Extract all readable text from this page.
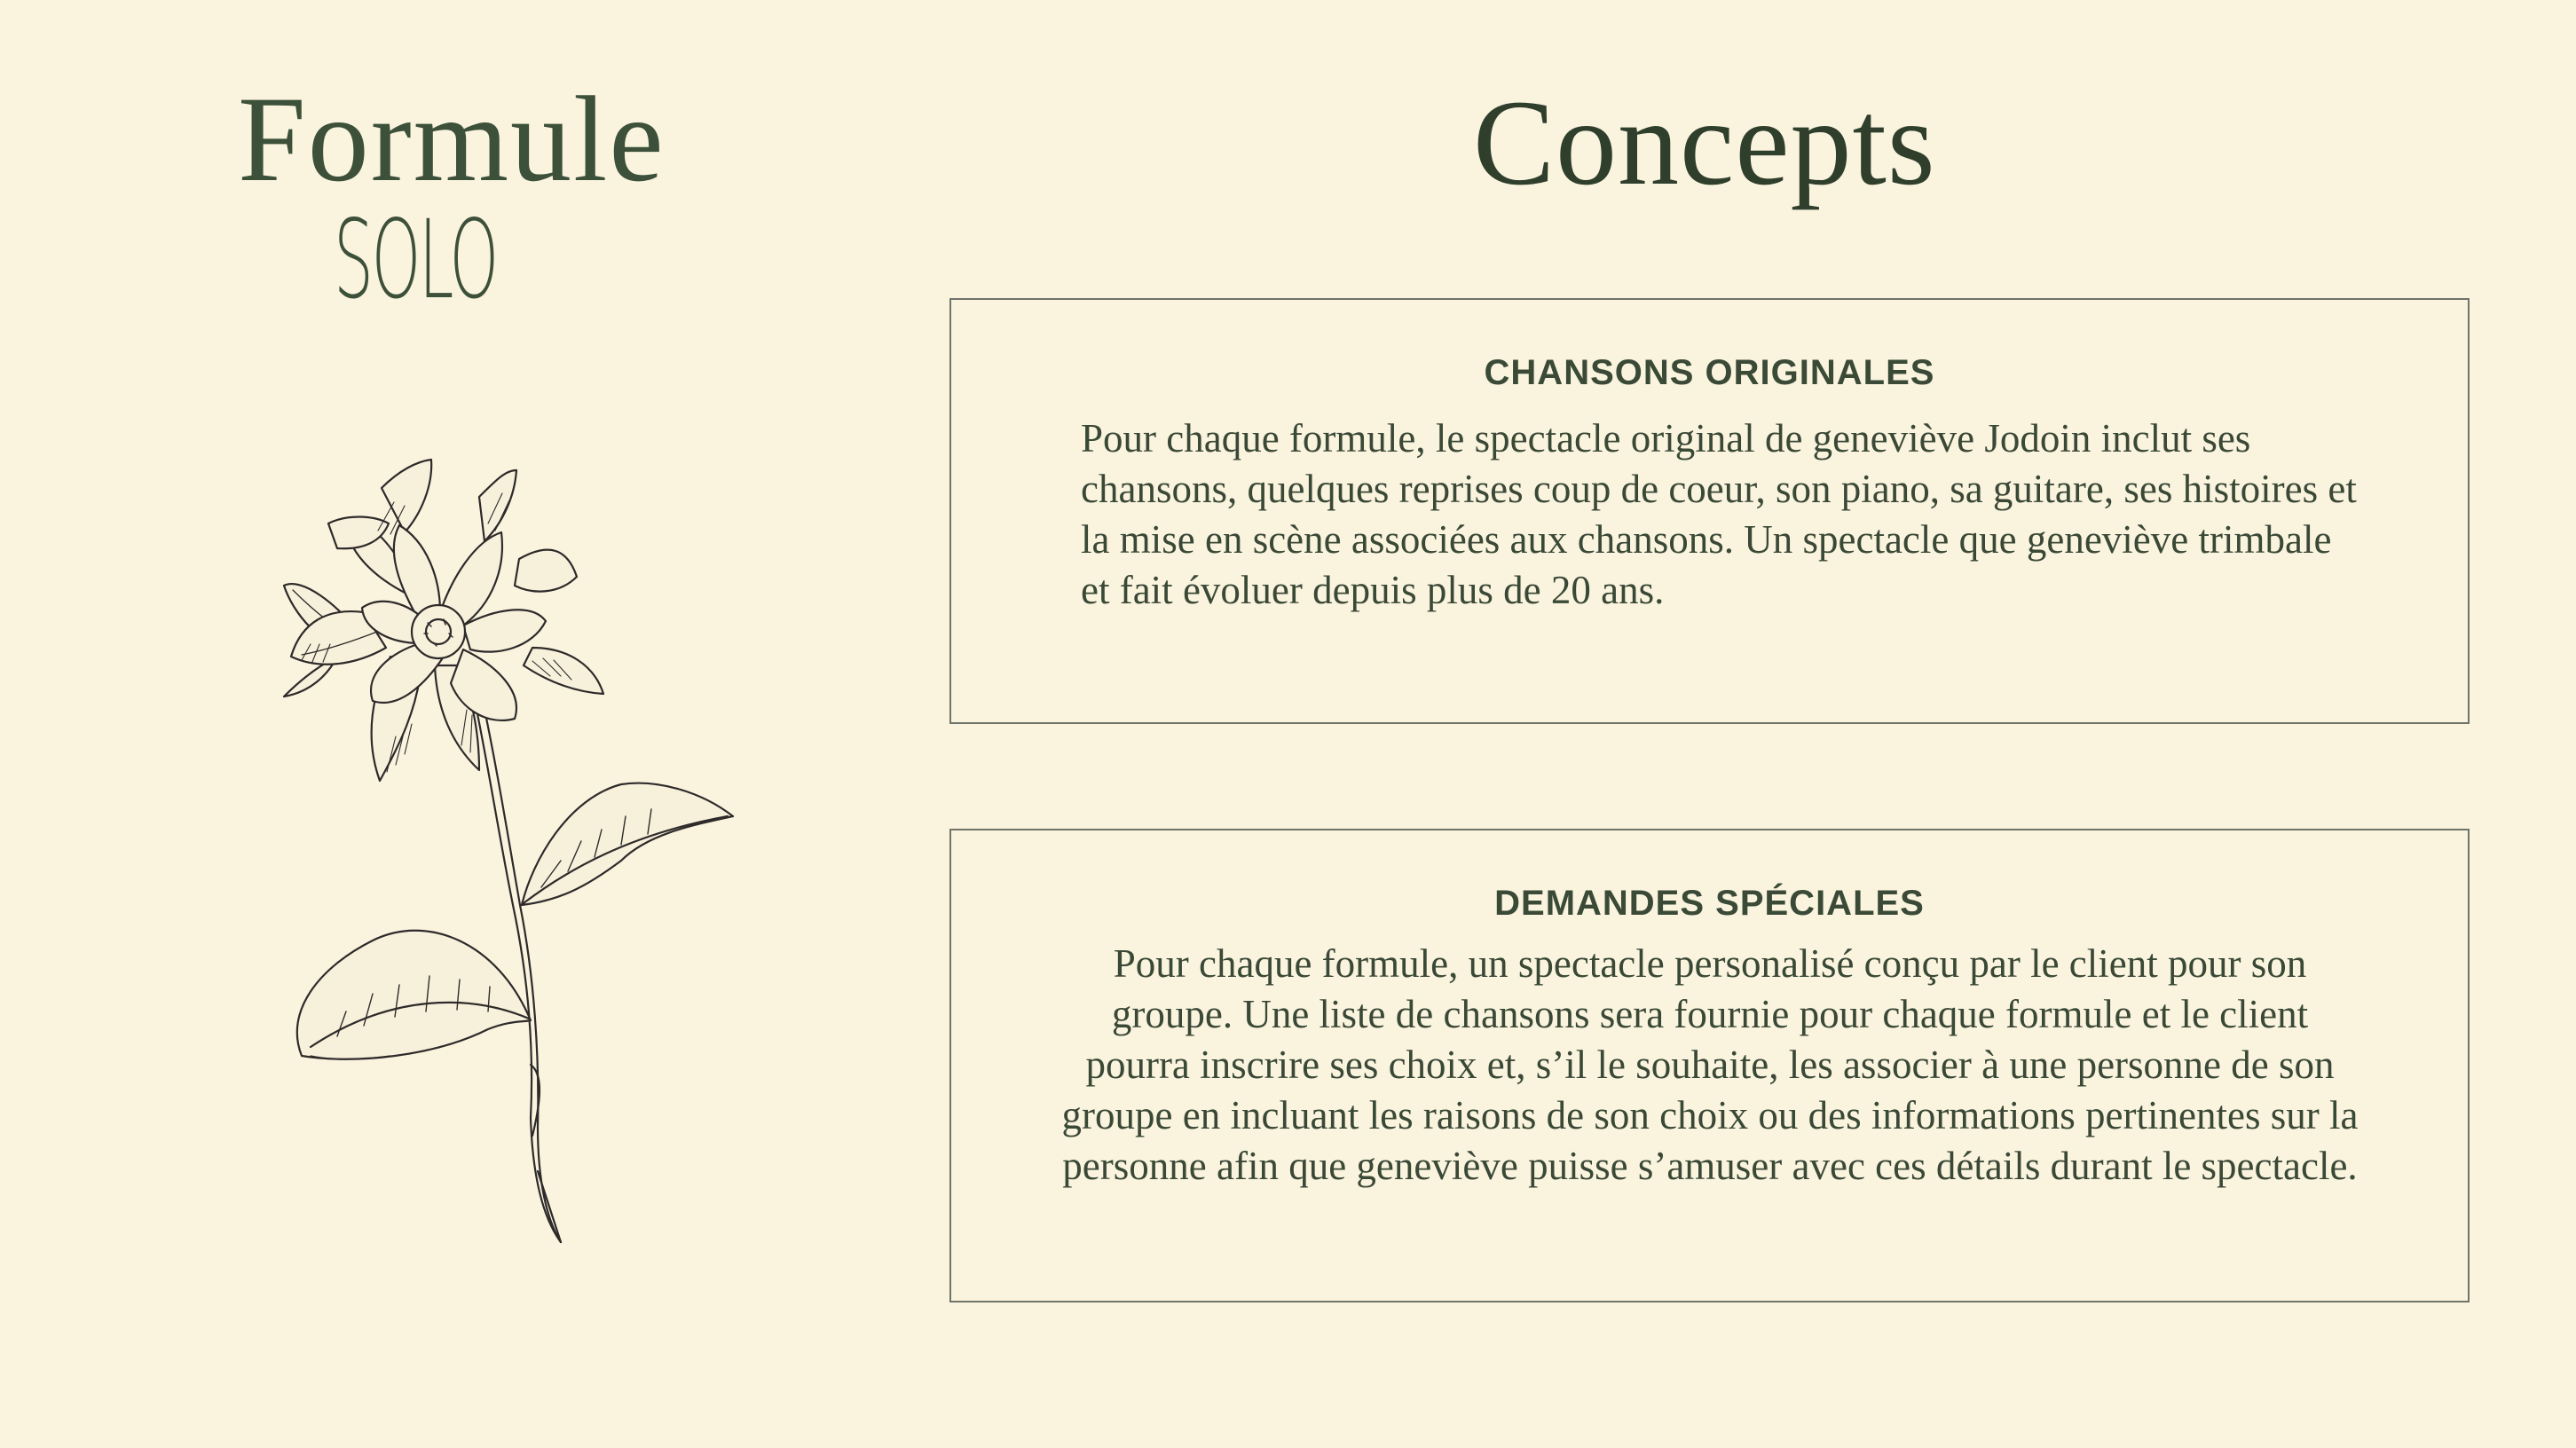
Formule
SOLO
Concepts
CHANSONS ORIGINALES

Pour chaque formule, le spectacle original de geneviève Jodoin inclut ses chansons, quelques reprises coup de coeur, son piano, sa guitare, ses histoires et la mise en scène associées aux chansons. Un spectacle que geneviève trimbale et fait évoluer depuis plus de 20 ans.

DEMANDES SPÉCIALES

Pour chaque formule, un spectacle personalisé conçu par le client pour son groupe. Une liste de chansons sera fournie pour chaque formule et le client pourra inscrire ses choix et, s’il le souhaite, les associer à une personne de son groupe en incluant les raisons de son choix ou des informations pertinentes sur la personne afin que geneviève puisse s’amuser avec ces détails durant le spectacle.
